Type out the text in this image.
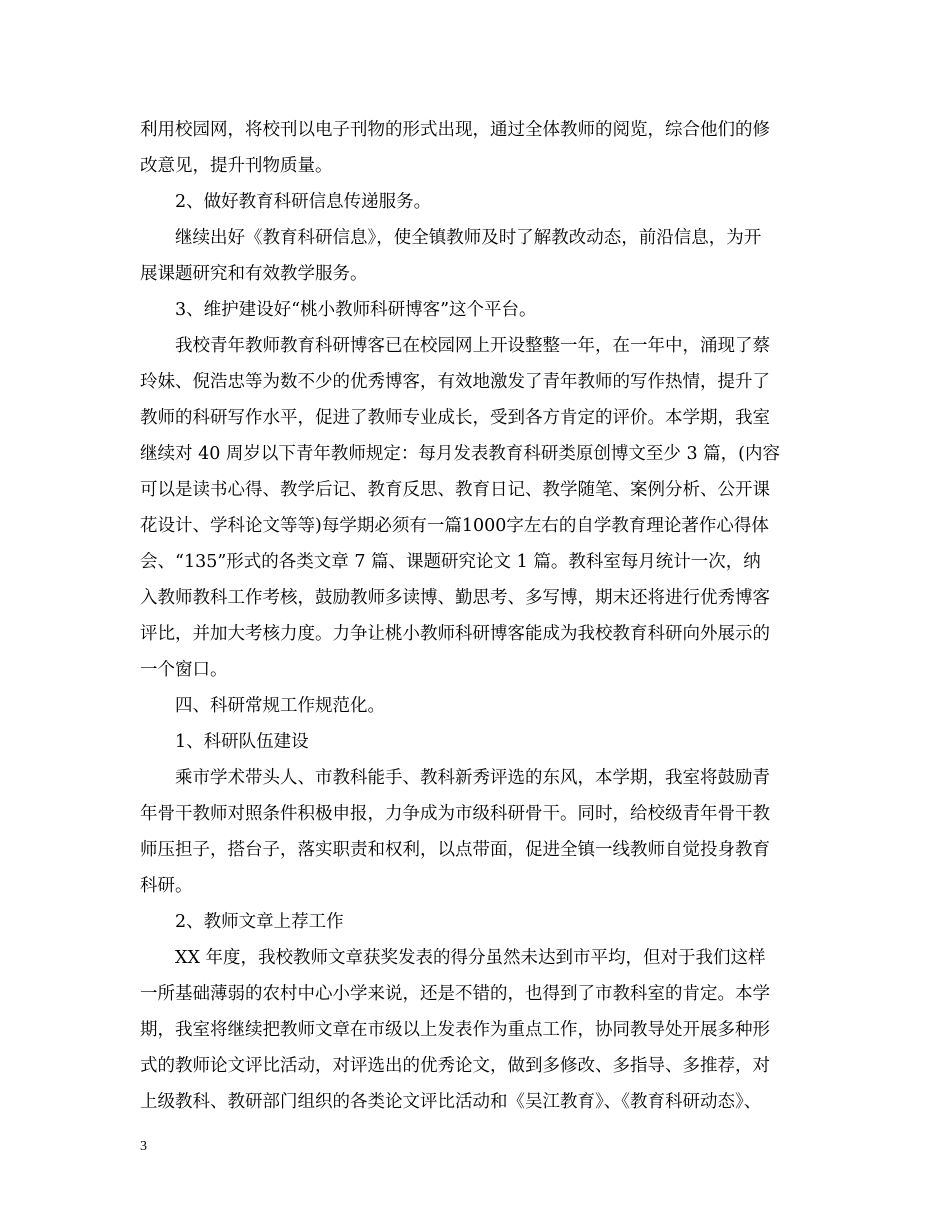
利用校园网，将校刊以电子刊物的形式出现，通过全体教师的阅览，综合他们的修
改意见，提升刊物质量。
2、做好教育科研信息传递服务。
继续出好《教育科研信息》，使全镇教师及时了解教改动态，前沿信息，为开
展课题研究和有效教学服务。
3、维护建设好“桃小教师科研博客”这个平台。
我校青年教师教育科研博客已在校园网上开设整整一年，在一年中，涌现了蔡
玲妹、倪浩忠等为数不少的优秀博客，有效地激发了青年教师的写作热情，提升了
教师的科研写作水平，促进了教师专业成长，受到各方肯定的评价。本学期，我室
继续对 40 周岁以下青年教师规定：每月发表教育科研类原创博文至少 3 篇，(内容
可以是读书心得、教学后记、教育反思、教育日记、教学随笔、案例分析、公开课
花设计、学科论文等等)每学期必须有一篇1000字左右的自学教育理论著作心得体
会、“135”形式的各类文章 7 篇、课题研究论文 1 篇。教科室每月统计一次，纳
入教师教科工作考核，鼓励教师多读博、勤思考、多写博，期末还将进行优秀博客
评比，并加大考核力度。力争让桃小教师科研博客能成为我校教育科研向外展示的
一个窗口。
四、科研常规工作规范化。
1、科研队伍建设
乘市学术带头人、市教科能手、教科新秀评选的东风，本学期，我室将鼓励青
年骨干教师对照条件积极申报，力争成为市级科研骨干。同时，给校级青年骨干教
师压担子，搭台子，落实职责和权利，以点带面，促进全镇一线教师自觉投身教育
科研。
2、教师文章上荐工作
XX 年度，我校教师文章获奖发表的得分虽然未达到市平均，但对于我们这样
一所基础薄弱的农村中心小学来说，还是不错的，也得到了市教科室的肯定。本学
期，我室将继续把教师文章在市级以上发表作为重点工作，协同教导处开展多种形
式的教师论文评比活动，对评选出的优秀论文，做到多修改、多指导、多推荐，对
上级教科、教研部门组织的各类论文评比活动和《吴江教育》、《教育科研动态》、
3
